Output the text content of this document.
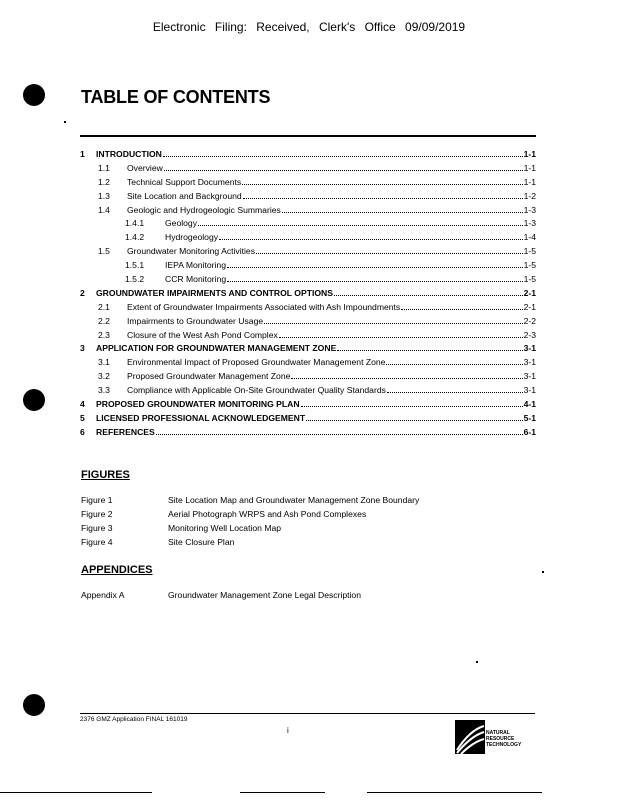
Electronic Filing: Received, Clerk's Office 09/09/2019
TABLE OF CONTENTS
1	INTRODUCTION	1-1
1.1	Overview	1-1
1.2	Technical Support Documents	1-1
1.3	Site Location and Background	1-2
1.4	Geologic and Hydrogeologic Summaries	1-3
1.4.1	Geology	1-3
1.4.2	Hydrogeology	1-4
1.5	Groundwater Monitoring Activities	1-5
1.5.1	IEPA Monitoring	1-5
1.5.2	CCR Monitoring	1-5
2	GROUNDWATER IMPAIRMENTS AND CONTROL OPTIONS	2-1
2.1	Extent of Groundwater Impairments Associated with Ash Impoundments	2-1
2.2	Impairments to Groundwater Usage	2-2
2.3	Closure of the West Ash Pond Complex	2-3
3	APPLICATION FOR GROUNDWATER MANAGEMENT ZONE	3-1
3.1	Environmental Impact of Proposed Groundwater Management Zone	3-1
3.2	Proposed Groundwater Management Zone	3-1
3.3	Compliance with Applicable On-Site Groundwater Quality Standards	3-1
4	PROPOSED GROUNDWATER MONITORING PLAN	4-1
5	LICENSED PROFESSIONAL ACKNOWLEDGEMENT	5-1
6	REFERENCES	6-1
FIGURES
Figure 1	Site Location Map and Groundwater Management Zone Boundary
Figure 2	Aerial Photograph WRPS and Ash Pond Complexes
Figure 3	Monitoring Well Location Map
Figure 4	Site Closure Plan
APPENDICES
Appendix A	Groundwater Management Zone Legal Description
2376 GMZ Application FINAL 161019
i	NATURAL
RESOURCE
TECHNOLOGY
